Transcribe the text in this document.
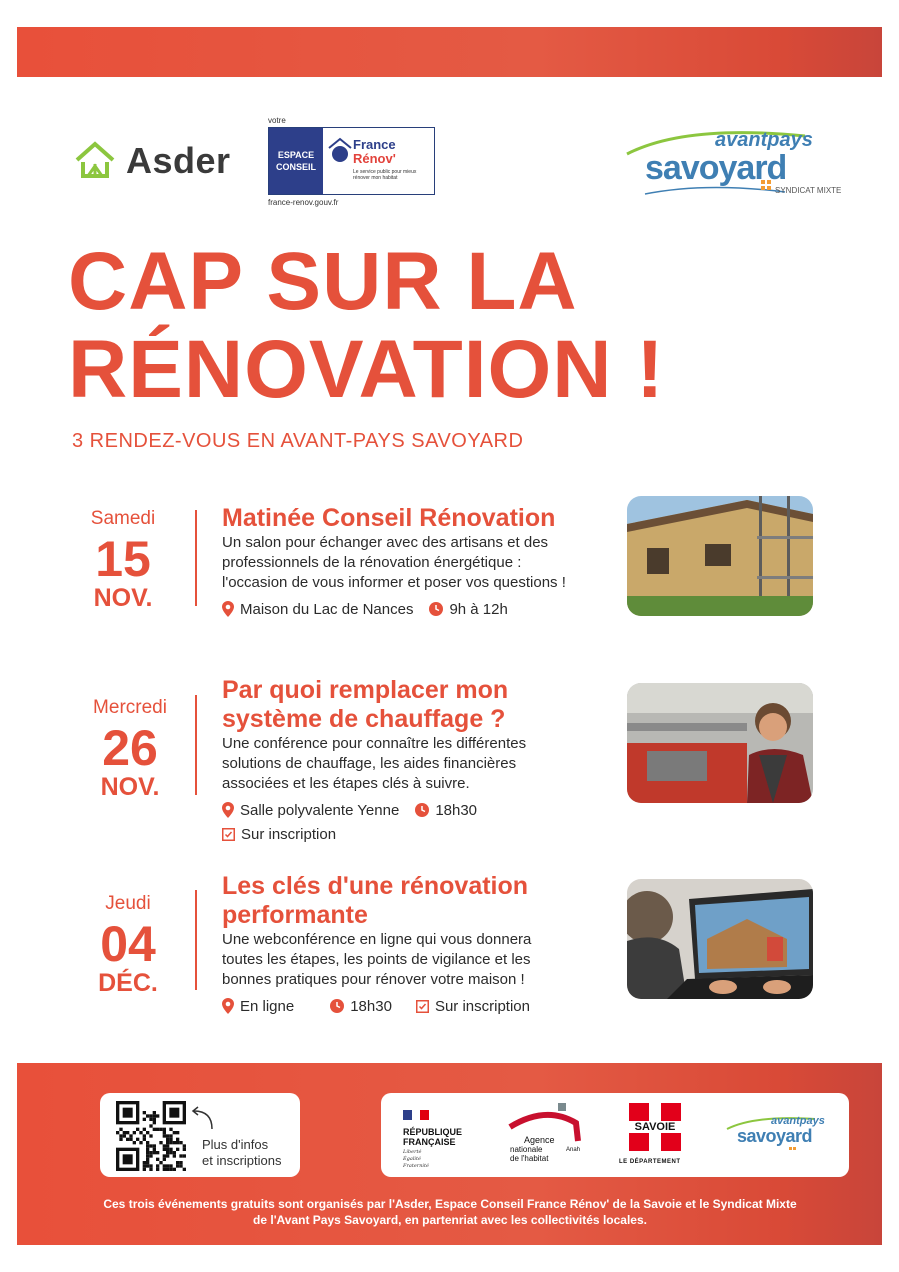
Asder
votre
ESPACE
CONSEIL
France
Rénov'
Le service public pour mieux rénover mon habitat
france-renov.gouv.fr
avantpays
savoyard
SYNDICAT MIXTE
CAP SUR LA
RÉNOVATION !
3 RENDEZ-VOUS EN AVANT-PAYS SAVOYARD
Samedi
15
NOV.
Matinée Conseil Rénovation

Un salon pour échanger avec des artisans et des

professionnels de la rénovation énergétique :

l'occasion de vous informer et poser vos questions !

Maison du Lac de Nances 9h à 12h
Mercredi
26
NOV.
Par quoi remplacer mon
système de chauffage ?

Une conférence pour connaître les différentes

solutions de chauffage, les aides financières

associées et les étapes clés à suivre.

Salle polyvalente Yenne 18h30
Sur inscription
Jeudi
04
DÉC.
Les clés d'une rénovation
performante

Une webconférence en ligne qui vous donnera

toutes les étapes, les points de vigilance et les

bonnes pratiques pour rénover votre maison !

En ligne	18h30	Sur inscription
Plus d'infos
et inscriptions
RÉPUBLIQUE
FRANÇAISE
Liberté
Égalité
Fraternité
Agence
nationale
de l'habitat
Anah
SAVOIE
LE DÉPARTEMENT
avantpays
savoyard
Ces trois événements gratuits sont organisés par l'Asder, Espace Conseil France Rénov' de la Savoie et le Syndicat Mixte
de l'Avant Pays Savoyard, en partenriat avec les collectivités locales.
